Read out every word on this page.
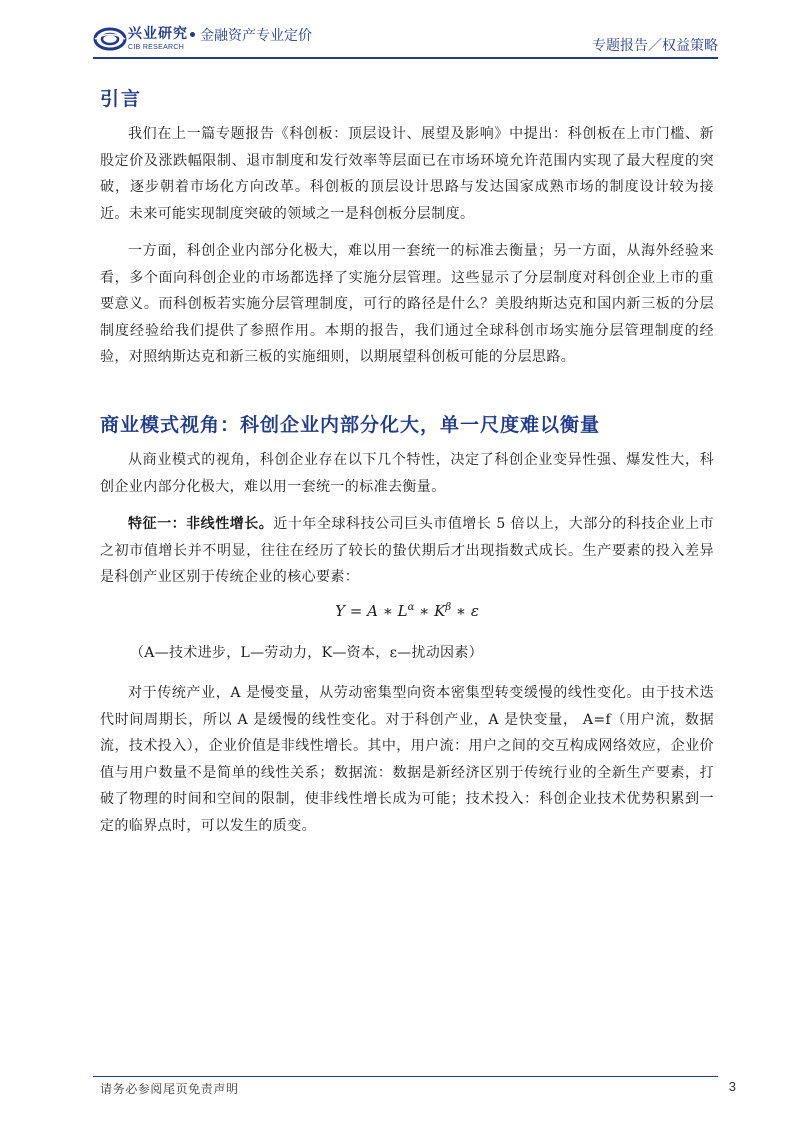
兴业研究
CIB RESEARCH
金融资产专业定价
专题报告／权益策略
引言

我们在上一篇专题报告《科创板：顶层设计、展望及影响》中提出：科创板在上市门槛、新股定价及涨跌幅限制、退市制度和发行效率等层面已在市场环境允许范围内实现了最大程度的突破，逐步朝着市场化方向改革。科创板的顶层设计思路与发达国家成熟市场的制度设计较为接近。未来可能实现制度突破的领域之一是科创板分层制度。

一方面，科创企业内部分化极大，难以用一套统一的标准去衡量；另一方面，从海外经验来看，多个面向科创企业的市场都选择了实施分层管理。这些显示了分层制度对科创企业上市的重要意义。而科创板若实施分层管理制度，可行的路径是什么？美股纳斯达克和国内新三板的分层制度经验给我们提供了参照作用。本期的报告，我们通过全球科创市场实施分层管理制度的经验，对照纳斯达克和新三板的实施细则，以期展望科创板可能的分层思路。

商业模式视角：科创企业内部分化大，单一尺度难以衡量

从商业模式的视角，科创企业存在以下几个特性，决定了科创企业变异性强、爆发性大，科创企业内部分化极大，难以用一套统一的标准去衡量。

特征一：非线性增长。近十年全球科技公司巨头市值增长 5 倍以上，大部分的科技企业上市之初市值增长并不明显，往往在经历了较长的蛰伏期后才出现指数式成长。生产要素的投入差异是科创产业区别于传统企业的核心要素：

Y = A ∗ $L^\alpha$ ∗ $K^\beta$ ∗ ε
（A—技术进步，L—劳动力，K—资本，ε—扰动因素）

对于传统产业，A 是慢变量，从劳动密集型向资本密集型转变缓慢的线性变化。由于技术迭代时间周期长，所以 A 是缓慢的线性变化。对于科创产业，A 是快变量， A=f（用户流，数据流，技术投入），企业价值是非线性增长。其中，用户流：用户之间的交互构成网络效应，企业价值与用户数量不是简单的线性关系；数据流：数据是新经济区别于传统行业的全新生产要素，打破了物理的时间和空间的限制，使非线性增长成为可能；技术投入：科创企业技术优势积累到一定的临界点时，可以发生的质变。

请务必参阅尾页免责声明	3
